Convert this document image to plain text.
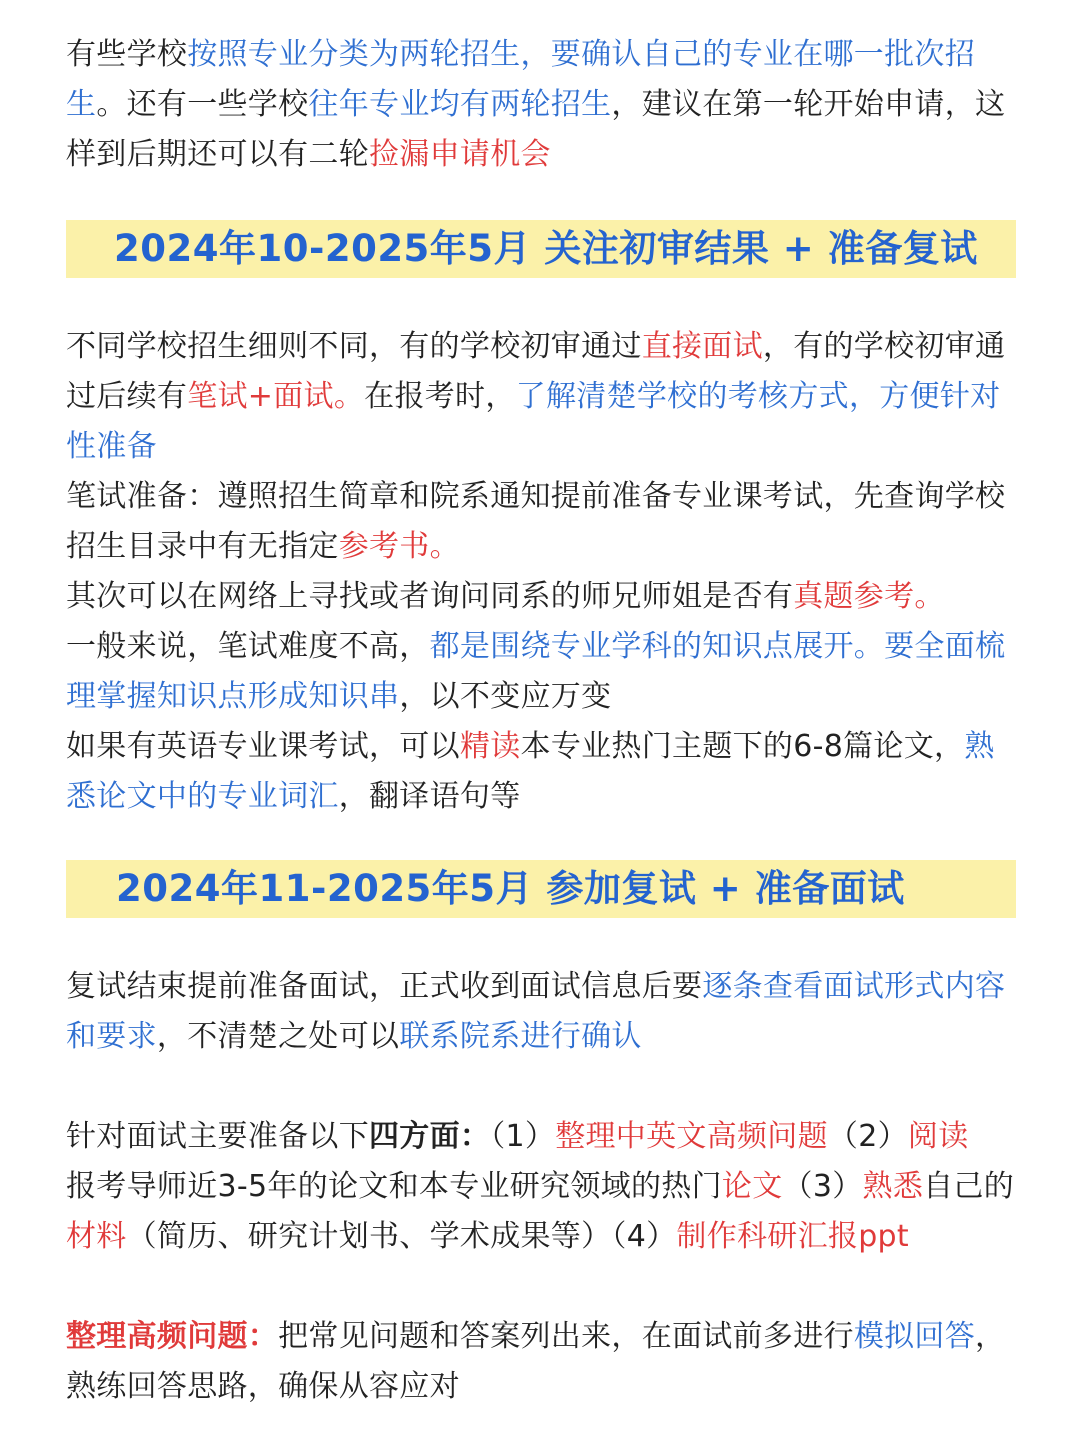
有些学校按照专业分类为两轮招生，要确认自己的专业在哪一批次招
生。还有一些学校往年专业均有两轮招生，建议在第一轮开始申请，这
样到后期还可以有二轮捡漏申请机会
2024年10-2025年5月 关注初审结果 + 准备复试
不同学校招生细则不同，有的学校初审通过直接面试，有的学校初审通
过后续有笔试+面试。在报考时，了解清楚学校的考核方式，方便针对
性准备
笔试准备：遵照招生简章和院系通知提前准备专业课考试，先查询学校
招生目录中有无指定参考书。
其次可以在网络上寻找或者询问同系的师兄师姐是否有真题参考。
一般来说，笔试难度不高，都是围绕专业学科的知识点展开。要全面梳
理掌握知识点形成知识串，以不变应万变
如果有英语专业课考试，可以精读本专业热门主题下的6-8篇论文，熟
悉论文中的专业词汇，翻译语句等
2024年11-2025年5月 参加复试 + 准备面试
复试结束提前准备面试，正式收到面试信息后要逐条查看面试形式内容
和要求，不清楚之处可以联系院系进行确认
针对面试主要准备以下四方面：（1）整理中英文高频问题（2）阅读
报考导师近3-5年的论文和本专业研究领域的热门论文（3）熟悉自己的
材料（简历、研究计划书、学术成果等）（4）制作科研汇报ppt
整理高频问题：把常见问题和答案列出来，在面试前多进行模拟回答，
熟练回答思路，确保从容应对
